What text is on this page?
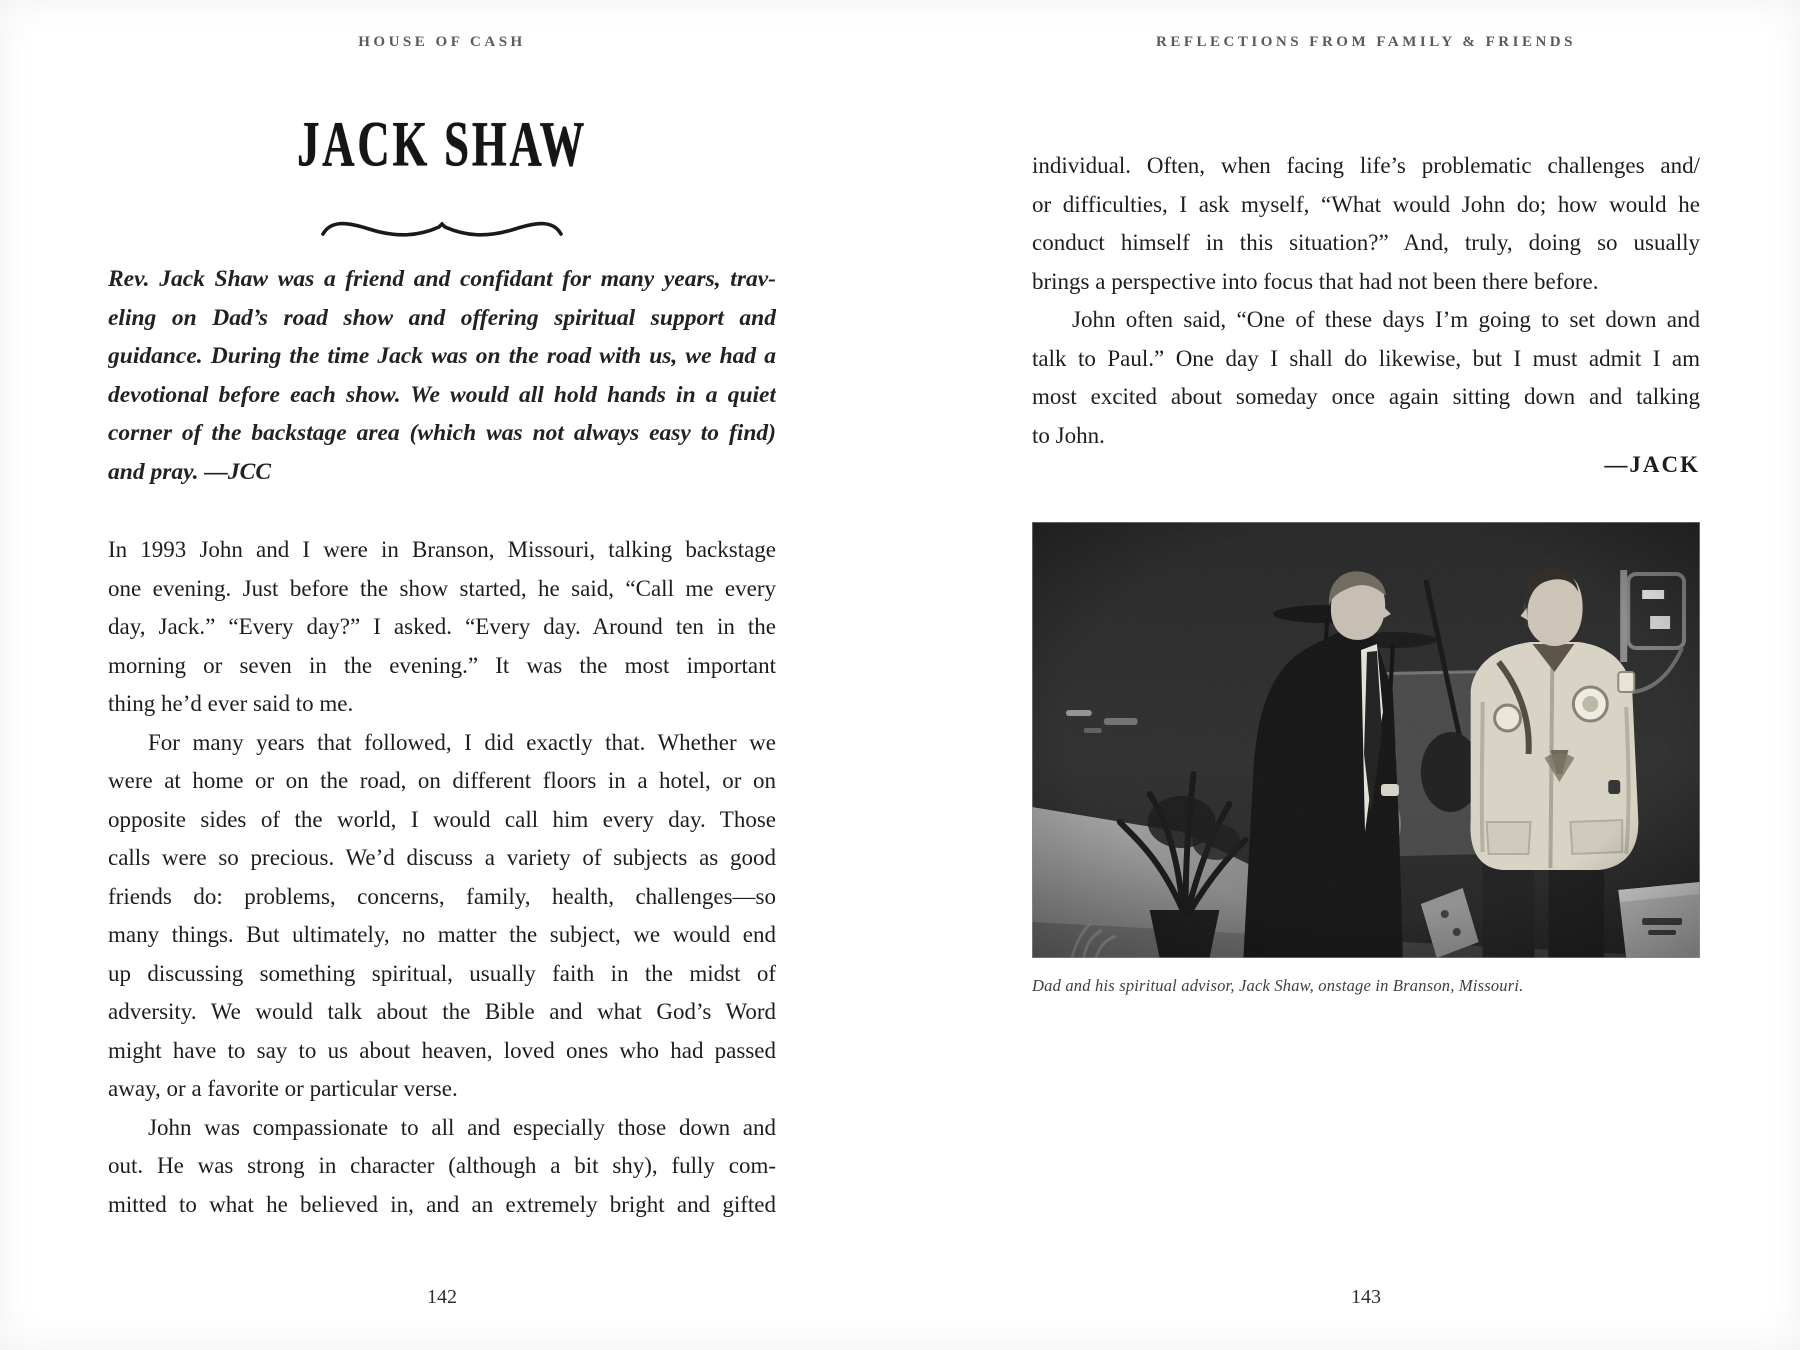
HOUSE OF CASH
JACK SHAW
Rev. Jack Shaw was a friend and confidant for many years, trav-
eling on Dad’s road show and offering spiritual support and
guidance. During the time Jack was on the road with us, we had a
devotional before each show. We would all hold hands in a quiet
corner of the backstage area (which was not always easy to find)
and pray. —JCC
In 1993 John and I were in Branson, Missouri, talking backstage
one evening. Just before the show started, he said, “Call me every
day, Jack.” “Every day?” I asked. “Every day. Around ten in the
morning or seven in the evening.” It was the most important
thing he’d ever said to me.
For many years that followed, I did exactly that. Whether we
were at home or on the road, on different floors in a hotel, or on
opposite sides of the world, I would call him every day. Those
calls were so precious. We’d discuss a variety of subjects as good
friends do: problems, concerns, family, health, challenges—so
many things. But ultimately, no matter the subject, we would end
up discussing something spiritual, usually faith in the midst of
adversity. We would talk about the Bible and what God’s Word
might have to say to us about heaven, loved ones who had passed
away, or a favorite or particular verse.
John was compassionate to all and especially those down and
out. He was strong in character (although a bit shy), fully com-
mitted to what he believed in, and an extremely bright and gifted
142
REFLECTIONS FROM FAMILY & FRIENDS
individual. Often, when facing life’s problematic challenges and/
or difficulties, I ask myself, “What would John do; how would he
conduct himself in this situation?” And, truly, doing so usually
brings a perspective into focus that had not been there before.
John often said, “One of these days I’m going to set down and
talk to Paul.” One day I shall do likewise, but I must admit I am
most excited about someday once again sitting down and talking
to John.
—JACK
Dad and his spiritual advisor, Jack Shaw, onstage in Branson, Missouri.
143
